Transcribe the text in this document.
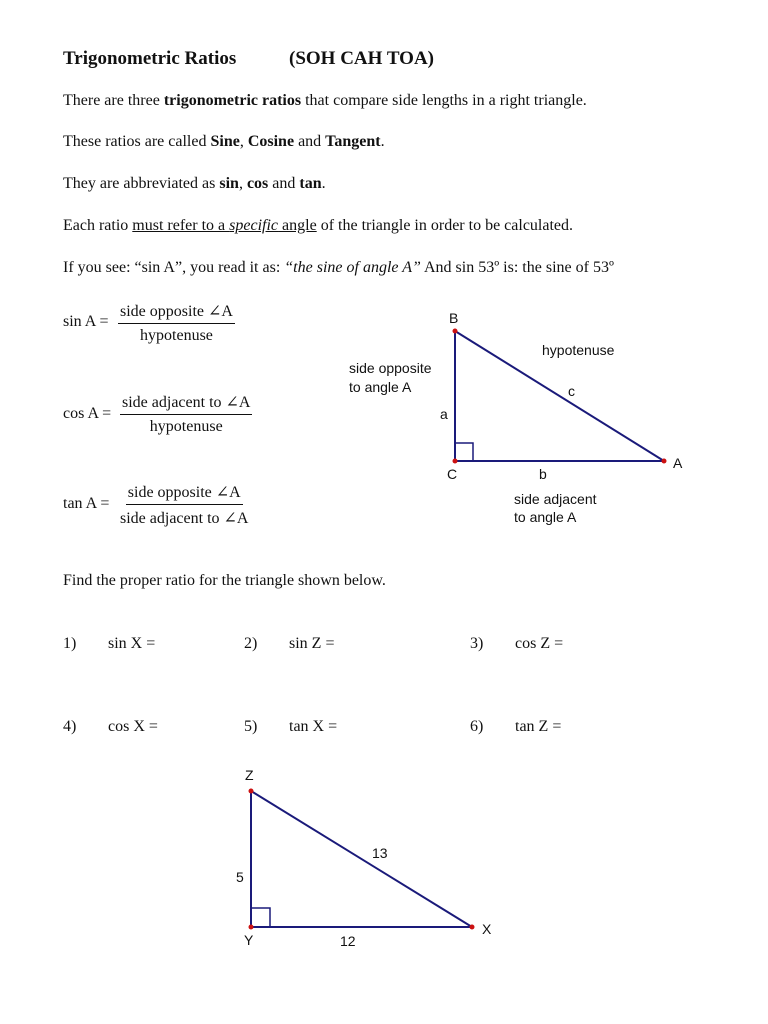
Trigonometric Ratios	(SOH CAH TOA)
There are three trigonometric ratios that compare side lengths in a right triangle.
These ratios are called Sine, Cosine and Tangent.
They are abbreviated as sin, cos and tan.
Each ratio must refer to a specific angle of the triangle in order to be calculated.
If you see: “sin A”, you read it as: “the sine of angle A” And sin 53º is: the sine of 53º
sin A =
side opposite ∠A
hypotenuse
cos A =
side adjacent to ∠A
hypotenuse
tan A =
side opposite ∠A
side adjacent to ∠A
B
C
A
a
b
c
hypotenuse
side opposite
to angle A
side adjacent
to angle A
Find the proper ratio for the triangle shown below.
1) sin X =	2) sin Z =	3) cos Z =
4) cos X =	5) tan X =	6) tan Z =
Z
Y
X
5
12
13
